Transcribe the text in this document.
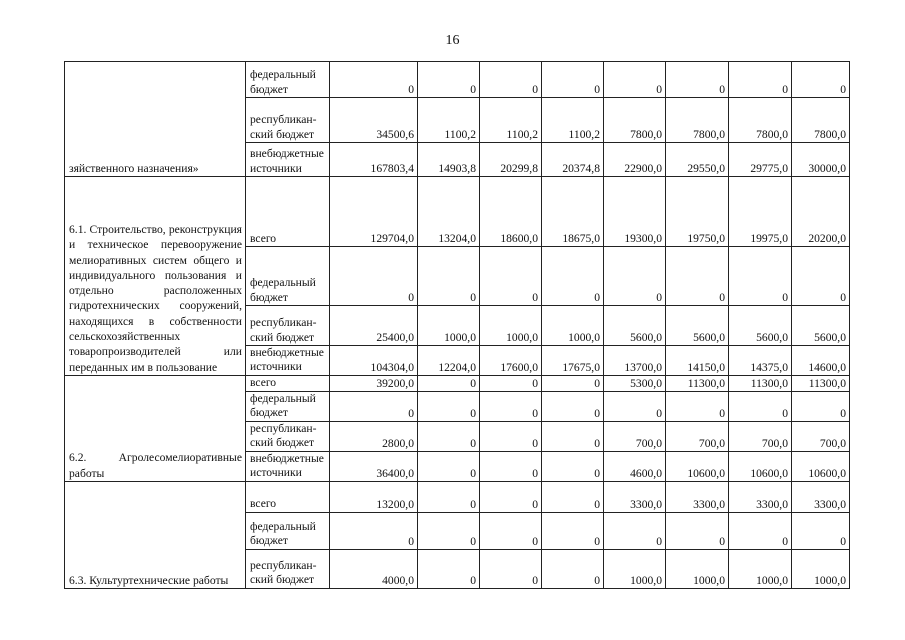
16
зяйственного назначения»	федеральный бюджет	0	0	0	0	0	0	0	0
	республикан-ский бюджет	34500,6	1100,2	1100,2	1100,2	7800,0	7800,0	7800,0	7800,0
	внебюджетные источники	167803,4	14903,8	20299,8	20374,8	22900,0	29550,0	29775,0	30000,0
6.1. Строительство, реконструкция и техническое перевооружение мелиоративных систем общего и индивидуального пользования и отдельно расположенных гидротехнических сооружений, находящихся в собственности сельскохозяйственных товаропроизводителей или переданных им в пользование	всего	129704,0	13204,0	18600,0	18675,0	19300,0	19750,0	19975,0	20200,0
	федеральный бюджет	0	0	0	0	0	0	0	0
	республикан-ский бюджет	25400,0	1000,0	1000,0	1000,0	5600,0	5600,0	5600,0	5600,0
	внебюджетные источники	104304,0	12204,0	17600,0	17675,0	13700,0	14150,0	14375,0	14600,0
6.2. Агролесомелиоративные работы	всего	39200,0	0	0	0	5300,0	11300,0	11300,0	11300,0
	федеральный бюджет	0	0	0	0	0	0	0	0
	республикан-ский бюджет	2800,0	0	0	0	700,0	700,0	700,0	700,0
	внебюджетные источники	36400,0	0	0	0	4600,0	10600,0	10600,0	10600,0
6.3. Культуртехнические работы	всего	13200,0	0	0	0	3300,0	3300,0	3300,0	3300,0
	федеральный бюджет	0	0	0	0	0	0	0	0
	республикан-ский бюджет	4000,0	0	0	0	1000,0	1000,0	1000,0	1000,0
